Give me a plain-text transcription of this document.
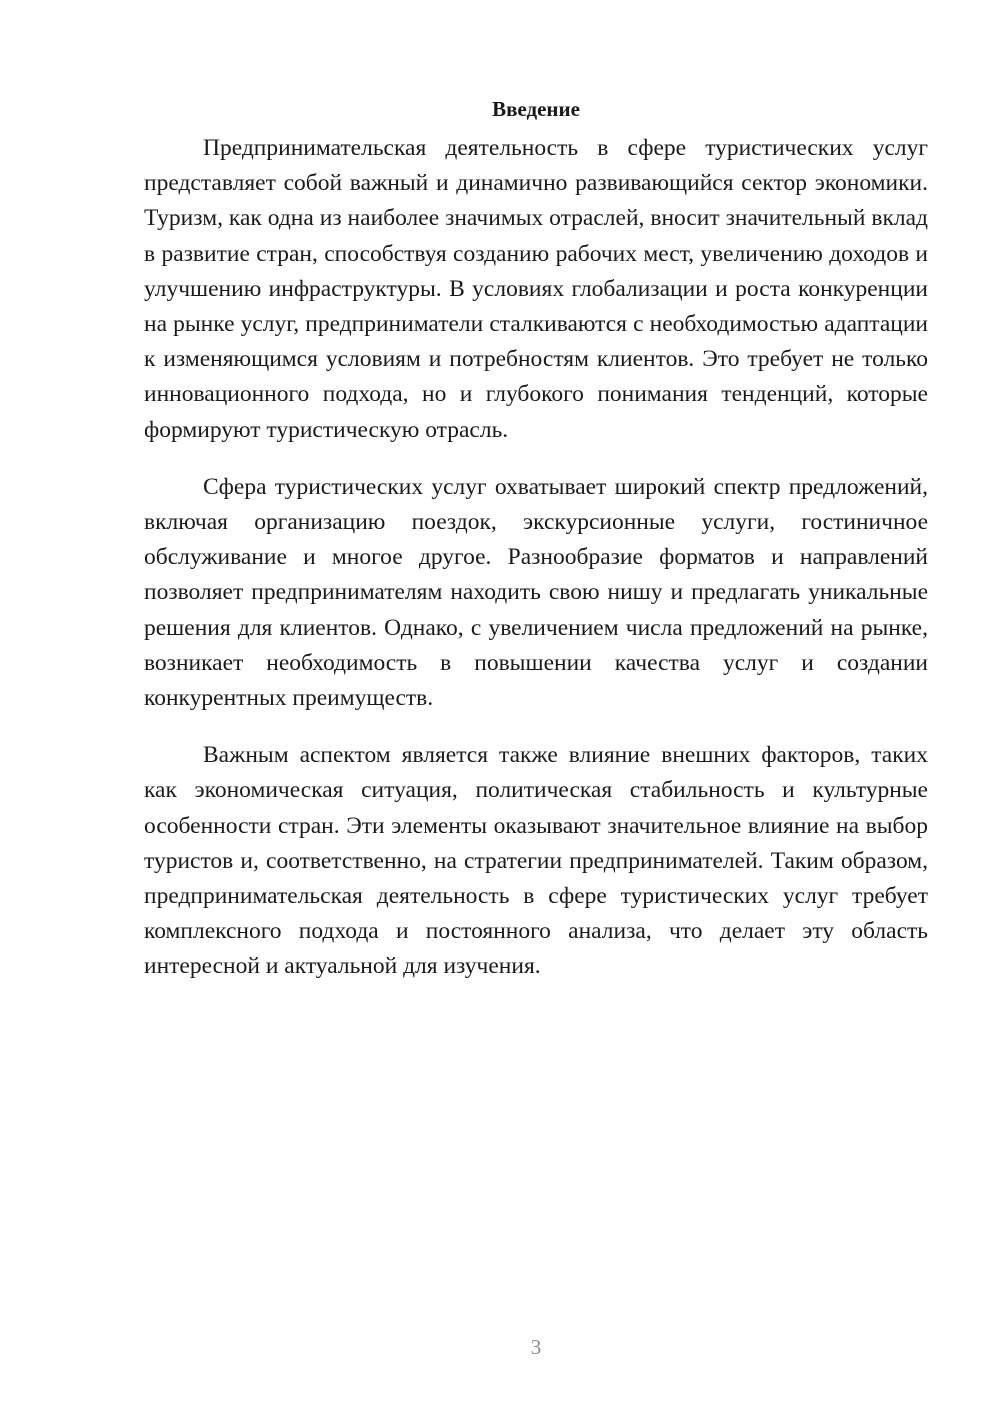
Введение

Предпринимательская деятельность в сфере туристических услуг представляет собой важный и динамично развивающийся сектор экономики. Туризм, как одна из наиболее значимых отраслей, вносит значительный вклад в развитие стран, способствуя созданию рабочих мест, увеличению доходов и улучшению инфраструктуры. В условиях глобализации и роста конкуренции на рынке услуг, предприниматели сталкиваются с необходимостью адаптации к изменяющимся условиям и потребностям клиентов. Это требует не только инновационного подхода, но и глубокого понимания тенденций, которые формируют туристическую отрасль.

Сфера туристических услуг охватывает широкий спектр предложений, включая организацию поездок, экскурсионные услуги, гостиничное обслуживание и многое другое. Разнообразие форматов и направлений позволяет предпринимателям находить свою нишу и предлагать уникальные решения для клиентов. Однако, с увеличением числа предложений на рынке, возникает необходимость в повышении качества услуг и создании конкурентных преимуществ.

Важным аспектом является также влияние внешних факторов, таких как экономическая ситуация, политическая стабильность и культурные особенности стран. Эти элементы оказывают значительное влияние на выбор туристов и, соответственно, на стратегии предпринимателей. Таким образом, предпринимательская деятельность в сфере туристических услуг требует комплексного подхода и постоянного анализа, что делает эту область интересной и актуальной для изучения.

3
